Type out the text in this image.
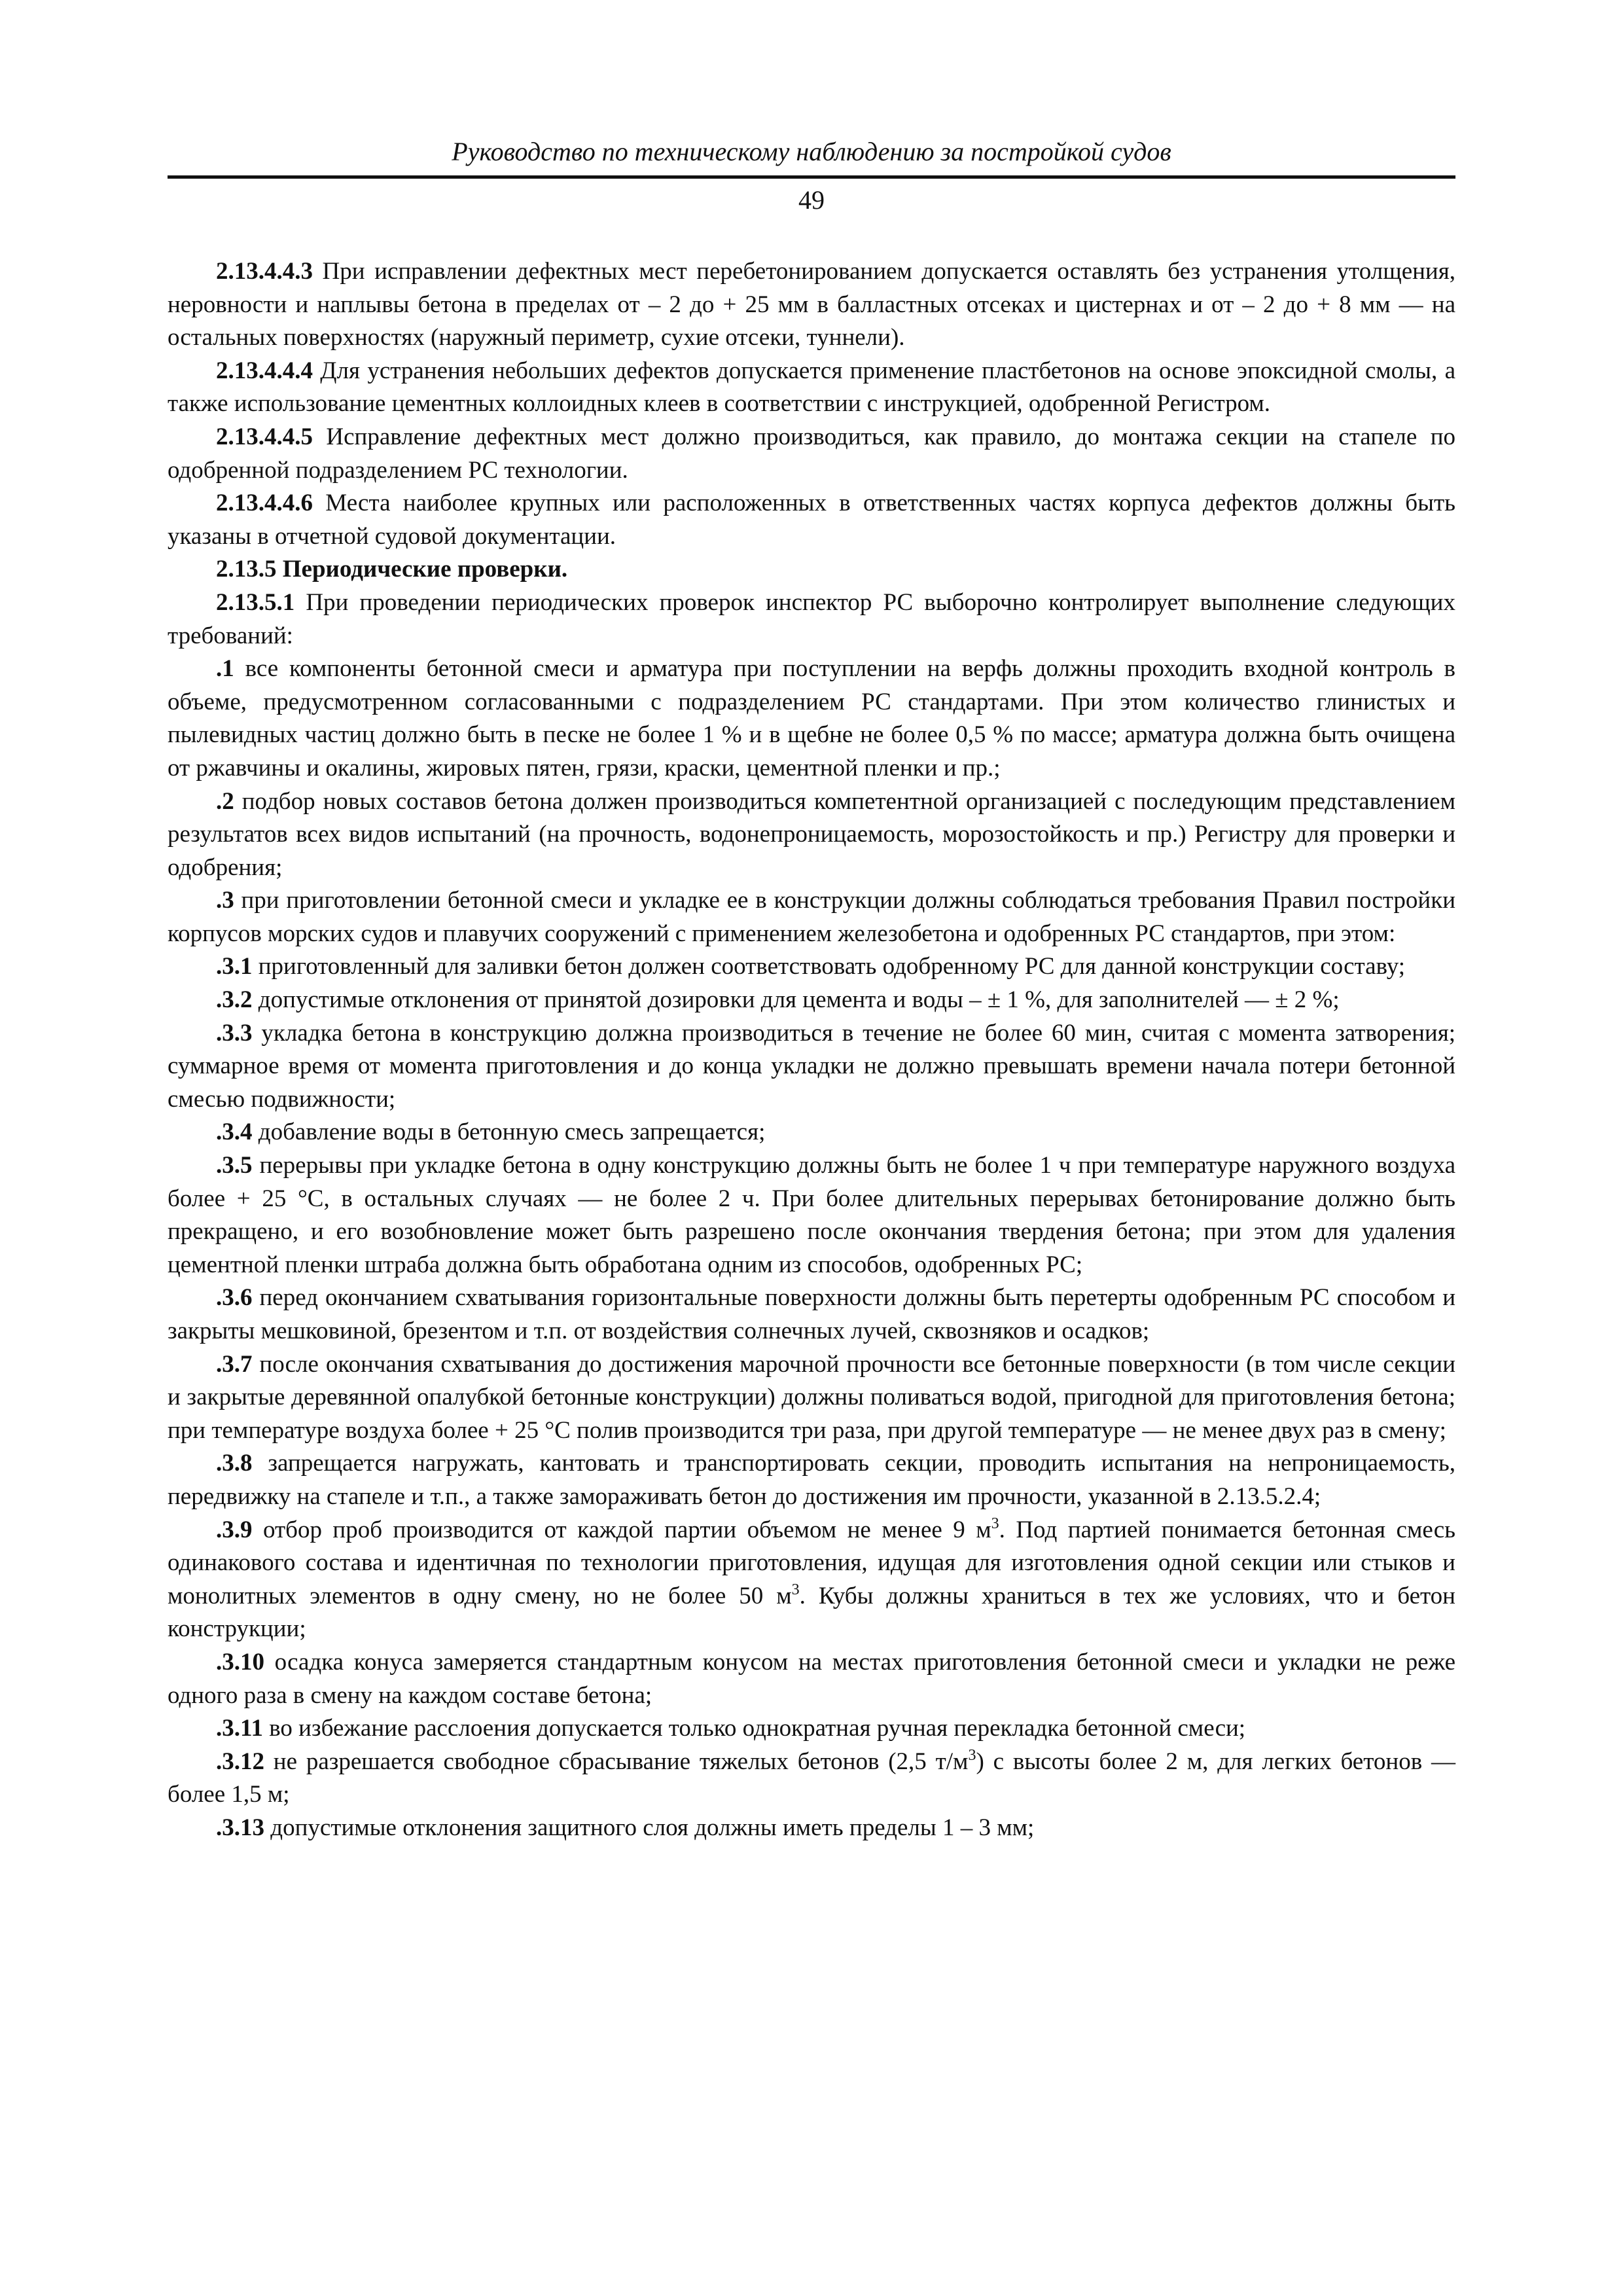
Руководство по техническому наблюдению за постройкой судов
49

2.13.4.4.3 При исправлении дефектных мест перебетонированием допускается оставлять без устранения утолщения, неровности и наплывы бетона в пределах от – 2 до + 25 мм в балластных отсеках и цистернах и от – 2 до + 8 мм — на остальных поверхностях (наружный периметр, сухие отсеки, туннели).

2.13.4.4.4 Для устранения небольших дефектов допускается применение пластбетонов на основе эпоксидной смолы, а также использование цементных коллоидных клеев в соответствии с инструкцией, одобренной Регистром.

2.13.4.4.5 Исправление дефектных мест должно производиться, как правило, до монтажа секции на стапеле по одобренной подразделением РС технологии.

2.13.4.4.6 Места наиболее крупных или расположенных в ответственных частях корпуса дефектов должны быть указаны в отчетной судовой документации.

2.13.5 Периодические проверки.

2.13.5.1 При проведении периодических проверок инспектор РС выборочно контролирует выполнение следующих требований:

.1 все компоненты бетонной смеси и арматура при поступлении на верфь должны проходить входной контроль в объеме, предусмотренном согласованными с подразделением РС стандартами. При этом количество глинистых и пылевидных частиц должно быть в песке не более 1 % и в щебне не более 0,5 % по массе; арматура должна быть очищена от ржавчины и окалины, жировых пятен, грязи, краски, цементной пленки и пр.;

.2 подбор новых составов бетона должен производиться компетентной организацией с последующим представлением результатов всех видов испытаний (на прочность, водонепроницаемость, морозостойкость и пр.) Регистру для проверки и одобрения;

.3 при приготовлении бетонной смеси и укладке ее в конструкции должны соблюдаться требования Правил постройки корпусов морских судов и плавучих сооружений с применением железобетона и одобренных РС стандартов, при этом:

.3.1 приготовленный для заливки бетон должен соответствовать одобренному РС для данной конструкции составу;

.3.2 допустимые отклонения от принятой дозировки для цемента и воды – ± 1 %, для заполнителей — ± 2 %;

.3.3 укладка бетона в конструкцию должна производиться в течение не более 60 мин, считая с момента затворения; суммарное время от момента приготовления и до конца укладки не должно превышать времени начала потери бетонной смесью подвижности;

.3.4 добавление воды в бетонную смесь запрещается;

.3.5 перерывы при укладке бетона в одну конструкцию должны быть не более 1 ч при температуре наружного воздуха более + 25 °С, в остальных случаях — не более 2 ч. При более длительных перерывах бетонирование должно быть прекращено, и его возобновление может быть разрешено после окончания твердения бетона; при этом для удаления цементной пленки штраба должна быть обработана одним из способов, одобренных РС;

.3.6 перед окончанием схватывания горизонтальные поверхности должны быть перетерты одобренным РС способом и закрыты мешковиной, брезентом и т.п. от воздействия солнечных лучей, сквозняков и осадков;

.3.7 после окончания схватывания до достижения марочной прочности все бетонные поверхности (в том числе секции и закрытые деревянной опалубкой бетонные конструкции) должны поливаться водой, пригодной для приготовления бетона; при температуре воздуха более + 25 °С полив производится три раза, при другой температуре — не менее двух раз в смену;

.3.8 запрещается нагружать, кантовать и транспортировать секции, проводить испытания на непроницаемость, передвижку на стапеле и т.п., а также замораживать бетон до достижения им прочности, указанной в 2.13.5.2.4;

.3.9 отбор проб производится от каждой партии объемом не менее 9 $м^3$. Под партией понимается бетонная смесь одинакового состава и идентичная по технологии приготовления, идущая для изготовления одной секции или стыков и монолитных элементов в одну смену, но не более 50 $м^3$. Кубы должны храниться в тех же условиях, что и бетон конструкции;

.3.10 осадка конуса замеряется стандартным конусом на местах приготовления бетонной смеси и укладки не реже одного раза в смену на каждом составе бетона;

.3.11 во избежание расслоения допускается только однократная ручная перекладка бетонной смеси;

.3.12 не разрешается свободное сбрасывание тяжелых бетонов (2,5 $т/м^3$) с высоты более 2 м, для легких бетонов — более 1,5 м;

.3.13 допустимые отклонения защитного слоя должны иметь пределы 1 – 3 мм;
